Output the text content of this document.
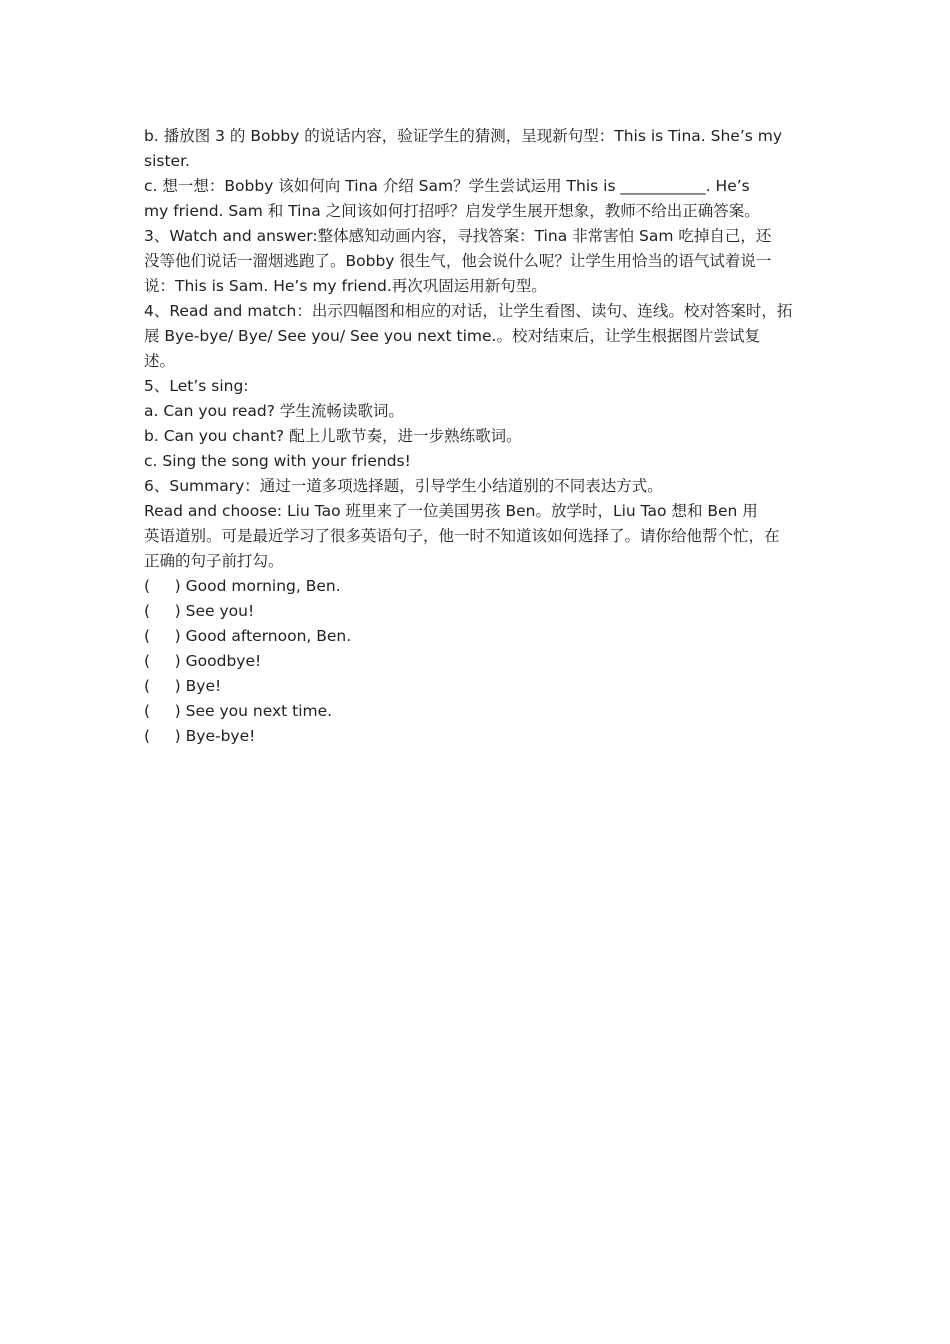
b. 播放图 3 的 Bobby 的说话内容，验证学生的猜测，呈现新句型：This is Tina. She’s my

sister.

c. 想一想：Bobby 该如何向 Tina 介绍 Sam？学生尝试运用 This is ___________. He’s

my friend. Sam 和 Tina 之间该如何打招呼？启发学生展开想象，教师不给出正确答案。

3、Watch and answer:整体感知动画内容，寻找答案：Tina 非常害怕 Sam 吃掉自己，还

没等他们说话一溜烟逃跑了。Bobby 很生气，他会说什么呢？让学生用恰当的语气试着说一

说：This is Sam. He’s my friend.再次巩固运用新句型。

4、Read and match：出示四幅图和相应的对话，让学生看图、读句、连线。校对答案时，拓

展 Bye-bye/ Bye/ See you/ See you next time.。校对结束后，让学生根据图片尝试复

述。

5、Let’s sing:

a. Can you read? 学生流畅读歌词。

b. Can you chant? 配上儿歌节奏，进一步熟练歌词。

c. Sing the song with your friends!

6、Summary：通过一道多项选择题，引导学生小结道别的不同表达方式。

Read and choose: Liu Tao 班里来了一位美国男孩 Ben。放学时，Liu Tao 想和 Ben 用

英语道别。可是最近学习了很多英语句子，他一时不知道该如何选择了。请你给他帮个忙，在

正确的句子前打勾。

(     ) Good morning, Ben.

(     ) See you!

(     ) Good afternoon, Ben.

(     ) Goodbye!

(     ) Bye!

(     ) See you next time.

(     ) Bye-bye!
